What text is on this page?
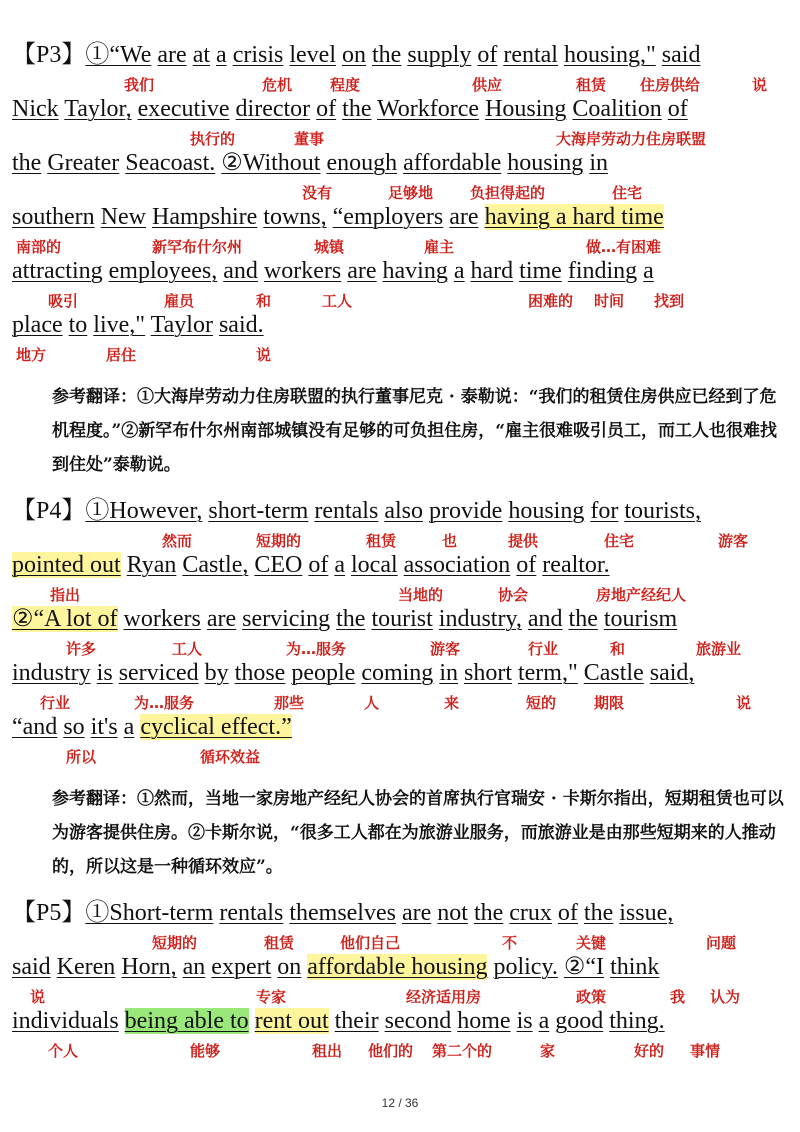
【P3】①“We are at a crisis level on the supply of rental housing," said
我们	危机	程度	供应	租赁 住房供给	说
Nick Taylor, executive director of the Workforce Housing Coalition of
执行的	董事	大海岸劳动力住房联盟
the Greater Seacoast. ②Without enough affordable housing in
没有	足够地 负担得起的	住宅
southern New Hampshire towns, “employers are having a hard time
南部的	新罕布什尔州	城镇	雇主	做…有困难
attracting employees, and workers are having a hard time finding a
吸引	雇员	和	工人	困难的 时间 找到
place to live," Taylor said.
地方	居住	说

参考翻译：①大海岸劳动力住房联盟的执行董事尼克 · 泰勒说：“我们的租赁住房供应已经到了危机程度。”②新罕布什尔州南部城镇没有足够的可负担住房，“雇主很难吸引员工，而工人也很难找到住处”泰勒说。

【P4】①However, short-term rentals also provide housing for tourists,
然而	短期的	租赁	也	提供	住宅	游客
pointed out Ryan Castle, CEO of a local association of realtor.
指出	当地的	协会	房地产经纪人
②“A lot of workers are servicing the tourist industry, and the tourism
许多	工人	为…服务	游客	行业	和	旅游业
industry is serviced by those people coming in short term," Castle said,
行业	为…服务	那些	人	来	短的	期限	说
“and so it's a cyclical effect.”
所以	循环效益

参考翻译：①然而，当地一家房地产经纪人协会的首席执行官瑞安 · 卡斯尔指出，短期租赁也可以为游客提供住房。②卡斯尔说，“很多工人都在为旅游业服务，而旅游业是由那些短期来的人推动的，所以这是一种循环效应”。

【P5】①Short-term rentals themselves are not the crux of the issue,
短期的	租赁	他们自己	不	关键	问题
said Keren Horn, an expert on affordable housing policy. ②“I think
说	专家	经济适用房	政策	我 认为
individuals being able to rent out their second home is a good thing.
个人	能够	租出 他们的 第二个的	家	好的 事情
12 / 36
